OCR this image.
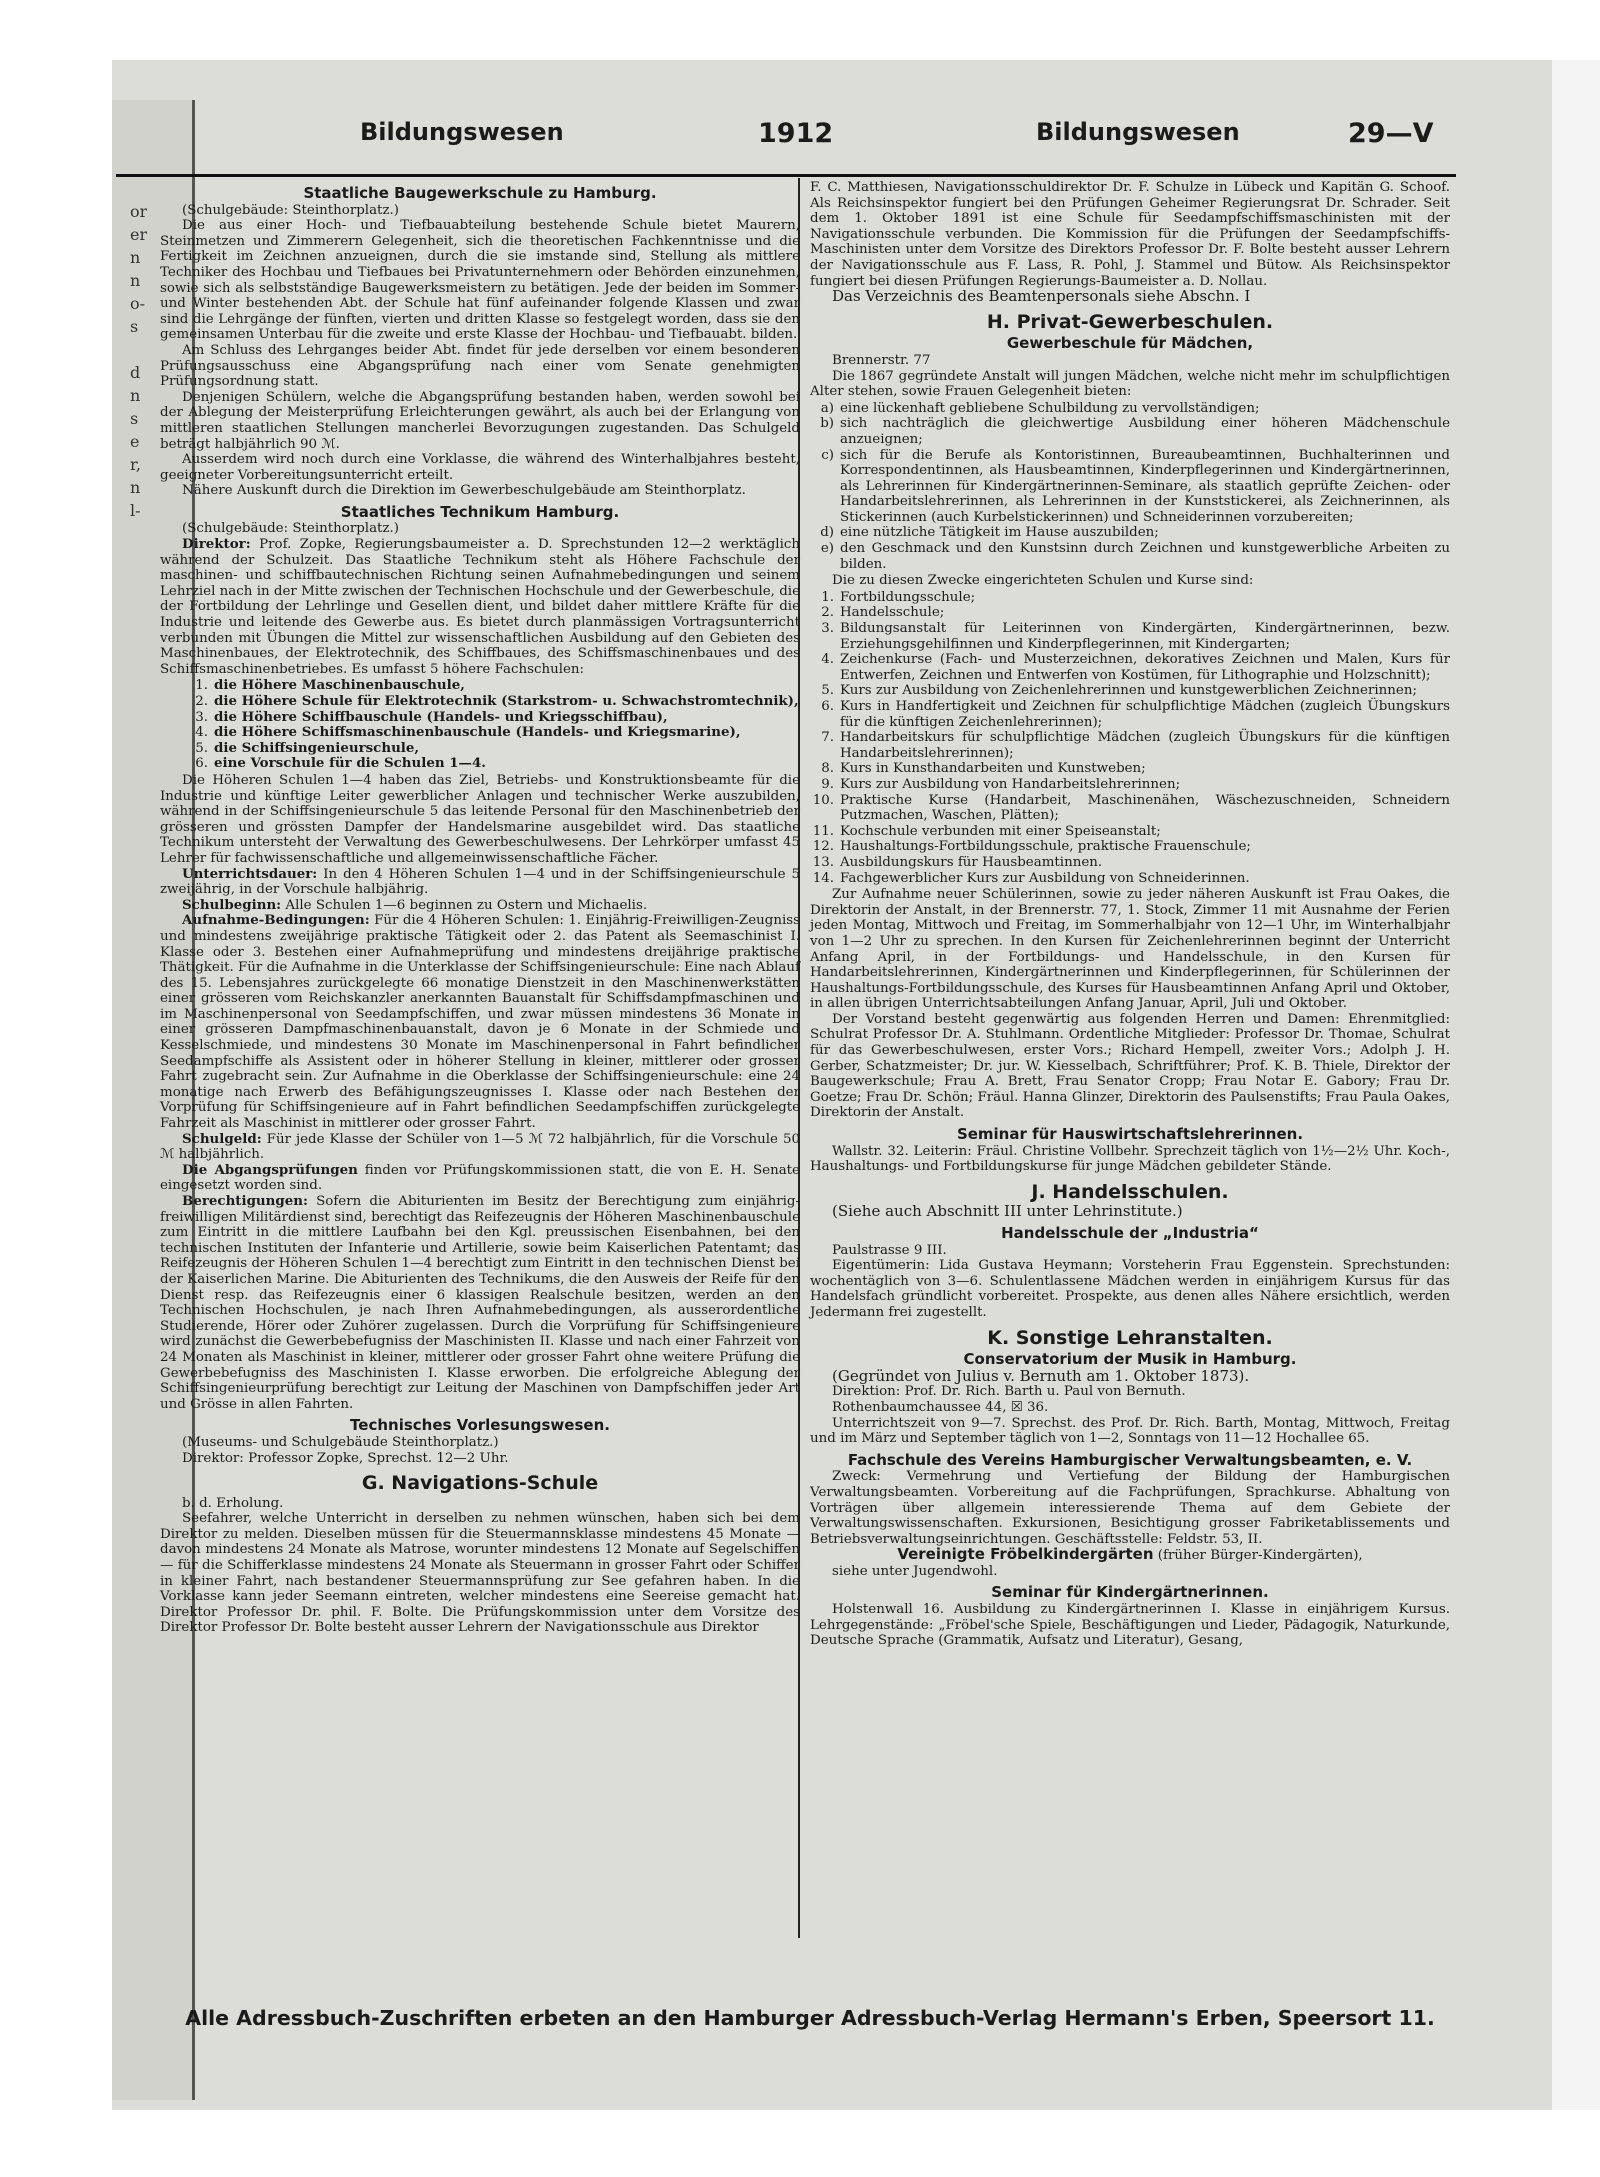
or
er
n
n
o-
s
d
n
s
e
r,
n
l-
Bildungswesen	1912	Bildungswesen	29—V
Staatliche Baugewerkschule zu Hamburg.

(Schulgebäude: Steinthorplatz.)

Die aus einer Hoch- und Tiefbauabteilung bestehende Schule bietet Maurern, Steinmetzen und Zimmerern Gelegenheit, sich die theoretischen Fachkenntnisse und die Fertigkeit im Zeichnen anzueignen, durch die sie imstande sind, Stellung als mittlere Techniker des Hochbau und Tiefbaues bei Privatunternehmern oder Behörden einzunehmen, sowie sich als selbstständige Baugewerksmeistern zu betätigen. Jede der beiden im Sommer- und Winter bestehenden Abt. der Schule hat fünf aufeinander folgende Klassen und zwar sind die Lehrgänge der fünften, vierten und dritten Klasse so festgelegt worden, dass sie den gemeinsamen Unterbau für die zweite und erste Klasse der Hochbau- und Tiefbauabt. bilden.

Am Schluss des Lehrganges beider Abt. findet für jede derselben vor einem besonderen Prüfungsausschuss eine Abgangsprüfung nach einer vom Senate genehmigten Prüfungsordnung statt.

Denjenigen Schülern, welche die Abgangsprüfung bestanden haben, werden sowohl bei der Ablegung der Meisterprüfung Erleichterungen gewährt, als auch bei der Erlangung von mittleren staatlichen Stellungen mancherlei Bevorzugungen zugestanden. Das Schulgeld beträgt halbjährlich 90 ℳ.

Ausserdem wird noch durch eine Vorklasse, die während des Winterhalbjahres besteht, geeigneter Vorbereitungsunterricht erteilt.

Nähere Auskunft durch die Direktion im Gewerbeschulgebäude am Steinthorplatz.

Staatliches Technikum Hamburg.

(Schulgebäude: Steinthorplatz.)

Direktor: Prof. Zopke, Regierungsbaumeister a. D. Sprechstunden 12—2 werktäglich während der Schulzeit. Das Staatliche Technikum steht als Höhere Fachschule der maschinen- und schiffbautechnischen Richtung seinen Aufnahmebedingungen und seinem Lehrziel nach in der Mitte zwischen der Technischen Hochschule und der Gewerbeschule, die der Fortbildung der Lehrlinge und Gesellen dient, und bildet daher mittlere Kräfte für die Industrie und leitende des Gewerbe aus. Es bietet durch planmässigen Vortragsunterricht verbunden mit Übungen die Mittel zur wissenschaftlichen Ausbildung auf den Gebieten des Maschinenbaues, der Elektrotechnik, des Schiffbaues, des Schiffsmaschinenbaues und des Schiffsmaschinenbetriebes. Es umfasst 5 höhere Fachschulen:

1. die Höhere Maschinenbauschule,
2. die Höhere Schule für Elektrotechnik (Starkstrom- u. Schwachstromtechnik),
3. die Höhere Schiffbauschule (Handels- und Kriegsschiffbau),
4. die Höhere Schiffsmaschinenbauschule (Handels- und Kriegsmarine),
5. die Schiffsingenieurschule,
6. eine Vorschule für die Schulen 1—4.

Die Höheren Schulen 1—4 haben das Ziel, Betriebs- und Konstruktionsbeamte für die Industrie und künftige Leiter gewerblicher Anlagen und technischer Werke auszubilden, während in der Schiffsingenieurschule 5 das leitende Personal für den Maschinenbetrieb der grösseren und grössten Dampfer der Handelsmarine ausgebildet wird. Das staatliche Technikum untersteht der Verwaltung des Gewerbeschulwesens. Der Lehrkörper umfasst 45 Lehrer für fachwissenschaftliche und allgemeinwissenschaftliche Fächer.

Unterrichtsdauer: In den 4 Höheren Schulen 1—4 und in der Schiffsingenieurschule 5 zweijährig, in der Vorschule halbjährig.

Schulbeginn: Alle Schulen 1—6 beginnen zu Ostern und Michaelis.

Aufnahme-Bedingungen: Für die 4 Höheren Schulen: 1. Einjährig-Freiwilligen-Zeugniss und mindestens zweijährige praktische Tätigkeit oder 2. das Patent als Seemaschinist I. Klasse oder 3. Bestehen einer Aufnahmeprüfung und mindestens dreijährige praktische Thätigkeit. Für die Aufnahme in die Unterklasse der Schiffsingenieurschule: Eine nach Ablauf des 15. Lebensjahres zurückgelegte 66 monatige Dienstzeit in den Maschinenwerkstätten einer grösseren vom Reichskanzler anerkannten Bauanstalt für Schiffsdampfmaschinen und im Maschinenpersonal von Seedampfschiffen, und zwar müssen mindestens 36 Monate in einer grösseren Dampfmaschinenbauanstalt, davon je 6 Monate in der Schmiede und Kesselschmiede, und mindestens 30 Monate im Maschinenpersonal in Fahrt befindlicher Seedampfschiffe als Assistent oder in höherer Stellung in kleiner, mittlerer oder grosser Fahrt zugebracht sein. Zur Aufnahme in die Oberklasse der Schiffsingenieurschule: eine 24 monatige nach Erwerb des Befähigungszeugnisses I. Klasse oder nach Bestehen der Vorprüfung für Schiffsingenieure auf in Fahrt befindlichen Seedampfschiffen zurückgelegte Fahrzeit als Maschinist in mittlerer oder grosser Fahrt.

Schulgeld: Für jede Klasse der Schüler von 1—5 ℳ 72 halbjährlich, für die Vorschule 50 ℳ halbjährlich.

Die Abgangsprüfungen finden vor Prüfungskommissionen statt, die von E. H. Senate eingesetzt worden sind.

Berechtigungen: Sofern die Abiturienten im Besitz der Berechtigung zum einjährig-freiwilligen Militärdienst sind, berechtigt das Reifezeugnis der Höheren Maschinenbauschule zum Eintritt in die mittlere Laufbahn bei den Kgl. preussischen Eisenbahnen, bei den technischen Instituten der Infanterie und Artillerie, sowie beim Kaiserlichen Patentamt; das Reifezeugnis der Höheren Schulen 1—4 berechtigt zum Eintritt in den technischen Dienst bei der Kaiserlichen Marine. Die Abiturienten des Technikums, die den Ausweis der Reife für den Dienst resp. das Reifezeugnis einer 6 klassigen Realschule besitzen, werden an den Technischen Hochschulen, je nach Ihren Aufnahmebedingungen, als ausserordentliche Studierende, Hörer oder Zuhörer zugelassen. Durch die Vorprüfung für Schiffsingenieure wird zunächst die Gewerbebefugniss der Maschinisten II. Klasse und nach einer Fahrzeit von 24 Monaten als Maschinist in kleiner, mittlerer oder grosser Fahrt ohne weitere Prüfung die Gewerbebefugniss des Maschinisten I. Klasse erworben. Die erfolgreiche Ablegung der Schiffsingenieurprüfung berechtigt zur Leitung der Maschinen von Dampfschiffen jeder Art und Grösse in allen Fahrten.

Technisches Vorlesungswesen.

(Museums- und Schulgebäude Steinthorplatz.)

Direktor: Professor Zopke, Sprechst. 12—2 Uhr.

G. Navigations-Schule

b. d. Erholung.

Seefahrer, welche Unterricht in derselben zu nehmen wünschen, haben sich bei dem Direktor zu melden. Dieselben müssen für die Steuermannsklasse mindestens 45 Monate — davon mindestens 24 Monate als Matrose, worunter mindestens 12 Monate auf Segelschiffen — für die Schifferklasse mindestens 24 Monate als Steuermann in grosser Fahrt oder Schiffer in kleiner Fahrt, nach bestandener Steuermannsprüfung zur See gefahren haben. In die Vorklasse kann jeder Seemann eintreten, welcher mindestens eine Seereise gemacht hat. Direktor Professor Dr. phil. F. Bolte. Die Prüfungskommission unter dem Vorsitze des Direktor Professor Dr. Bolte besteht ausser Lehrern der Navigationsschule aus Direktor

F. C. Matthiesen, Navigationsschuldirektor Dr. F. Schulze in Lübeck und Kapitän G. Schoof. Als Reichsinspektor fungiert bei den Prüfungen Geheimer Regierungsrat Dr. Schrader. Seit dem 1. Oktober 1891 ist eine Schule für Seedampfschiffsmaschinisten mit der Navigationsschule verbunden. Die Kommission für die Prüfungen der Seedampfschiffs-Maschinisten unter dem Vorsitze des Direktors Professor Dr. F. Bolte besteht ausser Lehrern der Navigationsschule aus F. Lass, R. Pohl, J. Stammel und Bütow. Als Reichsinspektor fungiert bei diesen Prüfungen Regierungs-Baumeister a. D. Nollau.

Das Verzeichnis des Beamtenpersonals siehe Abschn. I

H. Privat-Gewerbeschulen.
Gewerbeschule für Mädchen,

Brennerstr. 77

Die 1867 gegründete Anstalt will jungen Mädchen, welche nicht mehr im schulpflichtigen Alter stehen, sowie Frauen Gelegenheit bieten:

a) eine lückenhaft gebliebene Schulbildung zu vervollständigen;
b) sich nachträglich die gleichwertige Ausbildung einer höheren Mädchenschule anzueignen;
c) sich für die Berufe als Kontoristinnen, Bureaubeamtinnen, Buchhalterinnen und Korrespondentinnen, als Hausbeamtinnen, Kinderpflegerinnen und Kindergärtnerinnen, als Lehrerinnen für Kindergärtnerinnen-Seminare, als staatlich geprüfte Zeichen- oder Handarbeitslehrerinnen, als Lehrerinnen in der Kunststickerei, als Zeichnerinnen, als Stickerinnen (auch Kurbelstickerinnen) und Schneiderinnen vorzubereiten;
d) eine nützliche Tätigkeit im Hause auszubilden;
e) den Geschmack und den Kunstsinn durch Zeichnen und kunstgewerbliche Arbeiten zu bilden.

Die zu diesen Zwecke eingerichteten Schulen und Kurse sind:

1. Fortbildungsschule;
2. Handelsschule;
3. Bildungsanstalt für Leiterinnen von Kindergärten, Kindergärtnerinnen, bezw. Erziehungsgehilfinnen und Kinderpflegerinnen, mit Kindergarten;
4. Zeichenkurse (Fach- und Musterzeichnen, dekoratives Zeichnen und Malen, Kurs für Entwerfen, Zeichnen und Entwerfen von Kostümen, für Lithographie und Holzschnitt);
5. Kurs zur Ausbildung von Zeichenlehrerinnen und kunstgewerblichen Zeichnerinnen;
6. Kurs in Handfertigkeit und Zeichnen für schulpflichtige Mädchen (zugleich Übungskurs für die künftigen Zeichenlehrerinnen);
7. Handarbeitskurs für schulpflichtige Mädchen (zugleich Übungskurs für die künftigen Handarbeitslehrerinnen);
8. Kurs in Kunsthandarbeiten und Kunstweben;
9. Kurs zur Ausbildung von Handarbeitslehrerinnen;
10. Praktische Kurse (Handarbeit, Maschinenähen, Wäschezuschneiden, Schneidern Putzmachen, Waschen, Plätten);
11. Kochschule verbunden mit einer Speiseanstalt;
12. Haushaltungs-Fortbildungsschule, praktische Frauenschule;
13. Ausbildungskurs für Hausbeamtinnen.
14. Fachgewerblicher Kurs zur Ausbildung von Schneiderinnen.

Zur Aufnahme neuer Schülerinnen, sowie zu jeder näheren Auskunft ist Frau Oakes, die Direktorin der Anstalt, in der Brennerstr. 77, 1. Stock, Zimmer 11 mit Ausnahme der Ferien jeden Montag, Mittwoch und Freitag, im Sommerhalbjahr von 12—1 Uhr, im Winterhalbjahr von 1—2 Uhr zu sprechen. In den Kursen für Zeichenlehrerinnen beginnt der Unterricht Anfang April, in der Fortbildungs- und Handelsschule, in den Kursen für Handarbeitslehrerinnen, Kindergärtnerinnen und Kinderpflegerinnen, für Schülerinnen der Haushaltungs-Fortbildungsschule, des Kurses für Hausbeamtinnen Anfang April und Oktober, in allen übrigen Unterrichtsabteilungen Anfang Januar, April, Juli und Oktober.

Der Vorstand besteht gegenwärtig aus folgenden Herren und Damen: Ehrenmitglied: Schulrat Professor Dr. A. Stuhlmann. Ordentliche Mitglieder: Professor Dr. Thomae, Schulrat für das Gewerbeschulwesen, erster Vors.; Richard Hempell, zweiter Vors.; Adolph J. H. Gerber, Schatzmeister; Dr. jur. W. Kiesselbach, Schriftführer; Prof. K. B. Thiele, Direktor der Baugewerkschule; Frau A. Brett, Frau Senator Cropp; Frau Notar E. Gabory; Frau Dr. Goetze; Frau Dr. Schön; Fräul. Hanna Glinzer, Direktorin des Paulsenstifts; Frau Paula Oakes, Direktorin der Anstalt.

Seminar für Hauswirtschaftslehrerinnen.

Wallstr. 32. Leiterin: Fräul. Christine Vollbehr. Sprechzeit täglich von 1½—2½ Uhr. Koch-, Haushaltungs- und Fortbildungskurse für junge Mädchen gebildeter Stände.

J. Handelsschulen.

(Siehe auch Abschnitt III unter Lehrinstitute.)

Handelsschule der „Industria“

Paulstrasse 9 III.

Eigentümerin: Lida Gustava Heymann; Vorsteherin Frau Eggenstein. Sprechstunden: wochentäglich von 3—6. Schulentlassene Mädchen werden in einjährigem Kursus für das Handelsfach gründlicht vorbereitet. Prospekte, aus denen alles Nähere ersichtlich, werden Jedermann frei zugestellt.

K. Sonstige Lehranstalten.
Conservatorium der Musik in Hamburg.

(Gegründet von Julius v. Bernuth am 1. Oktober 1873).

Direktion: Prof. Dr. Rich. Barth u. Paul von Bernuth.

Rothenbaumchaussee 44, ☒ 36.

Unterrichtszeit von 9—7. Sprechst. des Prof. Dr. Rich. Barth, Montag, Mittwoch, Freitag und im März und September täglich von 1—2, Sonntags von 11—12 Hochallee 65.

Fachschule des Vereins Hamburgischer Verwaltungsbeamten, e. V.

Zweck: Vermehrung und Vertiefung der Bildung der Hamburgischen Verwaltungsbeamten. Vorbereitung auf die Fachprüfungen, Sprachkurse. Abhaltung von Vorträgen über allgemein interessierende Thema auf dem Gebiete der Verwaltungswissenschaften. Exkursionen, Besichtigung grosser Fabriketablissements und Betriebsverwaltungseinrichtungen. Geschäftsstelle: Feldstr. 53, II.

Vereinigte Fröbelkindergärten (früher Bürger-Kindergärten),

siehe unter Jugendwohl.

Seminar für Kindergärtnerinnen.

Holstenwall 16. Ausbildung zu Kindergärtnerinnen I. Klasse in einjährigem Kursus. Lehrgegenstände: „Fröbel'sche Spiele, Beschäftigungen und Lieder, Pädagogik, Naturkunde, Deutsche Sprache (Grammatik, Aufsatz und Literatur), Gesang,

Alle Adressbuch-Zuschriften erbeten an den Hamburger Adressbuch-Verlag Hermann's Erben, Speersort 11.
